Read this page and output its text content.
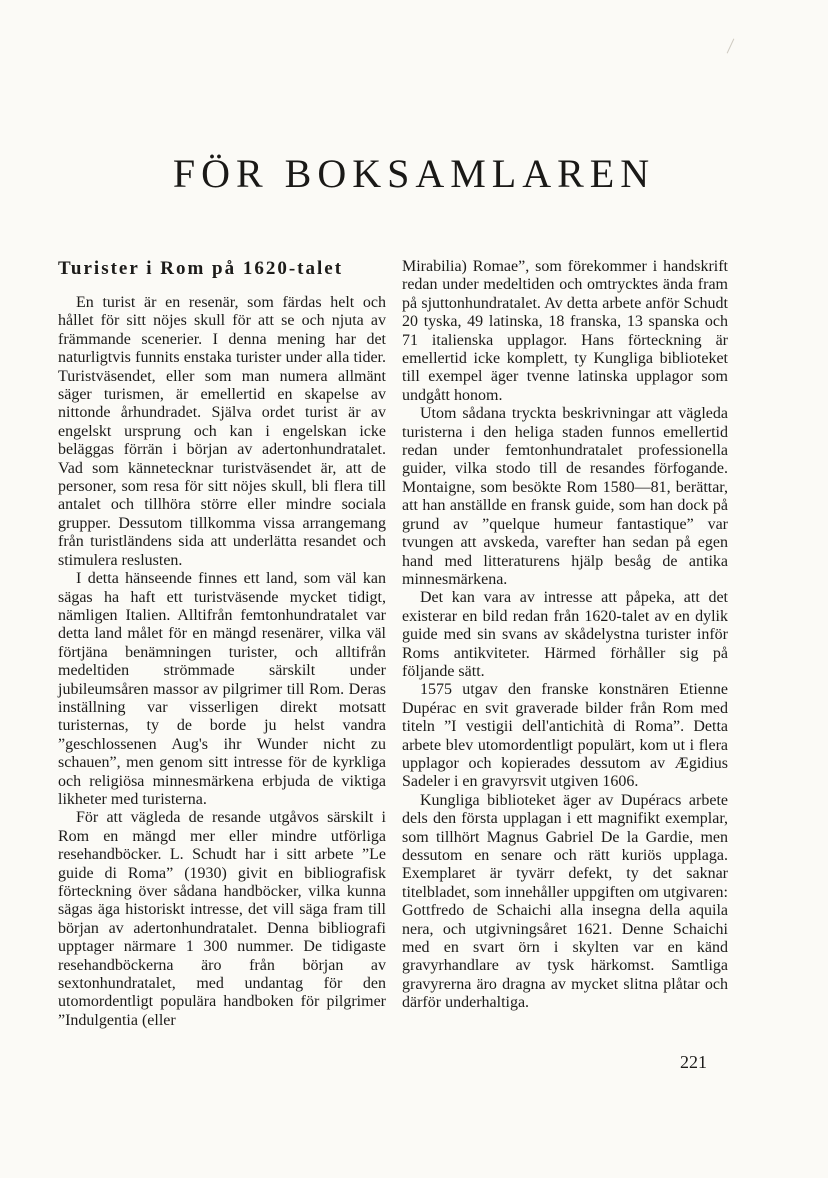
FÖR BOKSAMLAREN
Turister i Rom på 1620-talet

En turist är en resenär, som färdas helt och hållet för sitt nöjes skull för att se och njuta av främmande scenerier. I denna mening har det naturligtvis funnits enstaka turister under alla tider. Turistväsendet, eller som man numera allmänt säger turismen, är emellertid en skapelse av nittonde århundradet. Själva ordet turist är av engelskt ursprung och kan i engelskan icke beläggas förrän i början av adertonhundratalet. Vad som kännetecknar turistväsendet är, att de personer, som resa för sitt nöjes skull, bli flera till antalet och tillhöra större eller mindre sociala grupper. Dessutom tillkomma vissa arrangemang från turistländens sida att underlätta resandet och stimulera reslusten.

I detta hänseende finnes ett land, som väl kan sägas ha haft ett turistväsende mycket tidigt, nämligen Italien. Alltifrån femtonhundratalet var detta land målet för en mängd resenärer, vilka väl förtjäna benämningen turister, och alltifrån medeltiden strömmade särskilt under jubileumsåren massor av pilgrimer till Rom. Deras inställning var visserligen direkt motsatt turisternas, ty de borde ju helst vandra ”geschlossenen Aug's ihr Wunder nicht zu schauen”, men genom sitt intresse för de kyrkliga och religiösa minnesmärkena erbjuda de viktiga likheter med turisterna.

För att vägleda de resande utgåvos särskilt i Rom en mängd mer eller mindre utförliga resehandböcker. L. Schudt har i sitt arbete ”Le guide di Roma” (1930) givit en bibliografisk förteckning över sådana handböcker, vilka kunna sägas äga historiskt intresse, det vill säga fram till början av adertonhundratalet. Denna bibliografi upptager närmare 1 300 nummer. De tidigaste resehandböckerna äro från början av sextonhundratalet, med undantag för den utomordentligt populära handboken för pilgrimer ”Indulgentia (eller

Mirabilia) Romae”, som förekommer i handskrift redan under medeltiden och omtrycktes ända fram på sjuttonhundratalet. Av detta arbete anför Schudt 20 tyska, 49 latinska, 18 franska, 13 spanska och 71 italienska upplagor. Hans förteckning är emellertid icke komplett, ty Kungliga biblioteket till exempel äger tvenne latinska upplagor som undgått honom.

Utom sådana tryckta beskrivningar att vägleda turisterna i den heliga staden funnos emellertid redan under femtonhundratalet professionella guider, vilka stodo till de resandes förfogande. Montaigne, som besökte Rom 1580—81, berättar, att han anställde en fransk guide, som han dock på grund av ”quelque humeur fantastique” var tvungen att avskeda, varefter han sedan på egen hand med litteraturens hjälp besåg de antika minnesmärkena.

Det kan vara av intresse att påpeka, att det existerar en bild redan från 1620-talet av en dylik guide med sin svans av skådelystna turister inför Roms antikviteter. Härmed förhåller sig på följande sätt.

1575 utgav den franske konstnären Etienne Dupérac en svit graverade bilder från Rom med titeln ”I vestigii dell'antichità di Roma”. Detta arbete blev utomordentligt populärt, kom ut i flera upplagor och kopierades dessutom av Ægidius Sadeler i en gravyrsvit utgiven 1606.

Kungliga biblioteket äger av Dupéracs arbete dels den första upplagan i ett magnifikt exemplar, som tillhört Magnus Gabriel De la Gardie, men dessutom en senare och rätt kuriös upplaga. Exemplaret är tyvärr defekt, ty det saknar titelbladet, som innehåller uppgiften om utgivaren: Gottfredo de Schaichi alla insegna della aquila nera, och utgivningsåret 1621. Denne Schaichi med en svart örn i skylten var en känd gravyrhandlare av tysk härkomst. Samtliga gravyrerna äro dragna av mycket slitna plåtar och därför underhaltiga.

221
